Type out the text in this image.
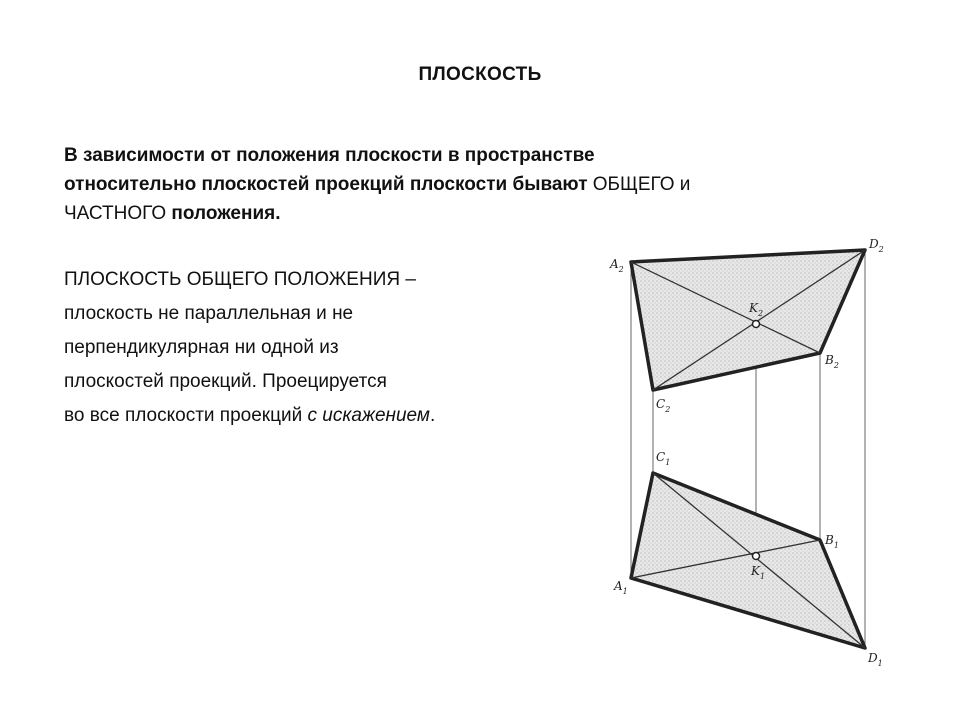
ПЛОСКОСТЬ
В зависимости от положения плоскости в пространстве
относительно плоскостей проекций плоскости бывают ОБЩЕГО и
ЧАСТНОГО положения.
ПЛОСКОСТЬ ОБЩЕГО ПОЛОЖЕНИЯ –
плоскость не параллельная и не
перпендикулярная ни одной из
плоскостей проекций. Проецируется
во все плоскости проекций с искажением.
$A_2$
$D_2$
$K_2$
$B_2$
$C_2$
$C_1$
$B_1$
$K_1$
$A_1$
$D_1$
